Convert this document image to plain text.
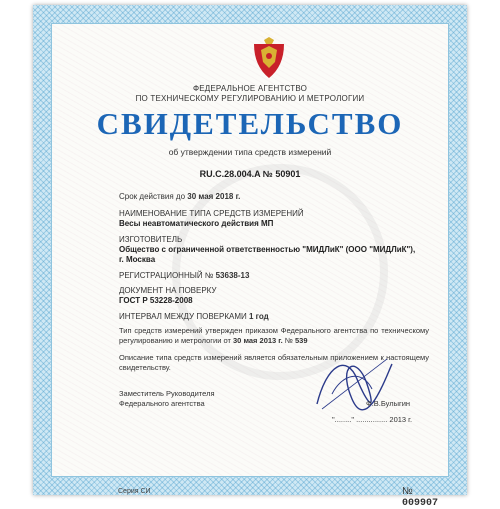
ФЕДЕРАЛЬНОЕ АГЕНТСТВО
ПО ТЕХНИЧЕСКОМУ РЕГУЛИРОВАНИЮ И МЕТРОЛОГИИ
СВИДЕТЕЛЬСТВО
об утверждении типа средств измерений
RU.C.28.004.A № 50901
Срок действия до 30 мая 2018 г.
НАИМЕНОВАНИЕ ТИПА СРЕДСТВ ИЗМЕРЕНИЙ
Весы неавтоматического действия МП
ИЗГОТОВИТЕЛЬ
Общество с ограниченной ответственностью "МИДЛиК" (ООО "МИДЛиК"),
г. Москва
РЕГИСТРАЦИОННЫЙ № 53638-13
ДОКУМЕНТ НА ПОВЕРКУ
ГОСТ Р 53228-2008
ИНТЕРВАЛ МЕЖДУ ПОВЕРКАМИ 1 год
Тип средств измерений утвержден приказом Федерального агентства по техническому регулированию и метрологии от 30 мая 2013 г. № 539
Описание типа средств измерений является обязательным приложением к настоящему свидетельству.
Заместитель Руководителя
Федерального агентства	Ф.В.Булыгин
"........" ............... 2013 г.
Серия СИ	№ 009907
